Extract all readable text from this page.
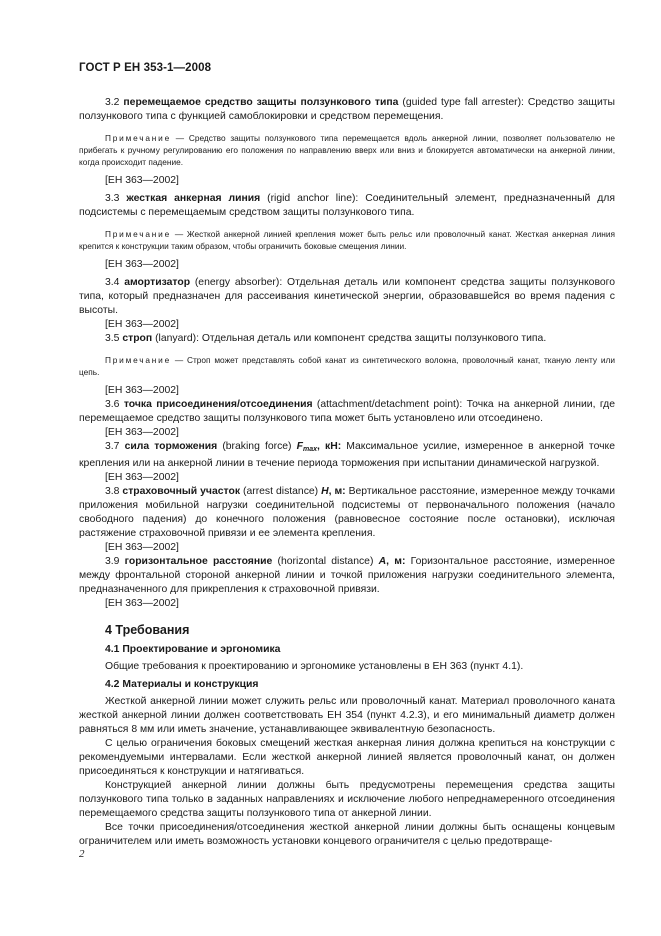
ГОСТ Р ЕН 353-1—2008

3.2 перемещаемое средство защиты ползункового типа (guided type fall arrester): Средство защиты ползункового типа с функцией самоблокировки и средством перемещения.

Примечание — Средство защиты ползункового типа перемещается вдоль анкерной линии, позволяет пользователю не прибегать к ручному регулированию его положения по направлению вверх или вниз и блокируется автоматически на анкерной линии, когда происходит падение.

[ЕН 363—2002]

3.3 жесткая анкерная линия (rigid anchor line): Соединительный элемент, предназначенный для подсистемы с перемещаемым средством защиты ползункового типа.

Примечание — Жесткой анкерной линией крепления может быть рельс или проволочный канат. Жесткая анкерная линия крепится к конструкции таким образом, чтобы ограничить боковые смещения линии.

[ЕН 363—2002]

3.4 амортизатор (energy absorber): Отдельная деталь или компонент средства защиты ползункового типа, который предназначен для рассеивания кинетической энергии, образовавшейся во время падения с высоты.

[ЕН 363—2002]

3.5 строп (lanyard): Отдельная деталь или компонент средства защиты ползункового типа.

Примечание — Строп может представлять собой канат из синтетического волокна, проволочный канат, тканую ленту или цепь.

[ЕН 363—2002]

3.6 точка присоединения/отсоединения (attachment/detachment point): Точка на анкерной линии, где перемещаемое средство защиты ползункового типа может быть установлено или отсоединено.

[ЕН 363—2002]

3.7 сила торможения (braking force) $F_{max}$, кН: Максимальное усилие, измеренное в анкерной точке крепления или на анкерной линии в течение периода торможения при испытании динамической нагрузкой.

[ЕН 363—2002]

3.8 страховочный участок (arrest distance) H, м: Вертикальное расстояние, измеренное между точками приложения мобильной нагрузки соединительной подсистемы от первоначального положения (начало свободного падения) до конечного положения (равновесное состояние после остановки), исключая растяжение страховочной привязи и ее элемента крепления.

[ЕН 363—2002]

3.9 горизонтальное расстояние (horizontal distance) A, м: Горизонтальное расстояние, измеренное между фронтальной стороной анкерной линии и точкой приложения нагрузки соединительного элемента, предназначенного для прикрепления к страховочной привязи.

[ЕН 363—2002]

4 Требования
4.1 Проектирование и эргономика

Общие требования к проектированию и эргономике установлены в ЕН 363 (пункт 4.1).

4.2 Материалы и конструкция

Жесткой анкерной линии может служить рельс или проволочный канат. Материал проволочного каната жесткой анкерной линии должен соответствовать ЕН 354 (пункт 4.2.3), и его минимальный диаметр должен равняться 8 мм или иметь значение, устанавливающее эквивалентную безопасность.

С целью ограничения боковых смещений жесткая анкерная линия должна крепиться на конструкции с рекомендуемыми интервалами. Если жесткой анкерной линией является проволочный канат, он должен присоединяться к конструкции и натягиваться.

Конструкцией анкерной линии должны быть предусмотрены перемещения средства защиты ползункового типа только в заданных направлениях и исключение любого непреднамеренного отсоединения перемещаемого средства защиты ползункового типа от анкерной линии.

Все точки присоединения/отсоединения жесткой анкерной линии должны быть оснащены концевым ограничителем или иметь возможность установки концевого ограничителя с целью предотвраще-

2
